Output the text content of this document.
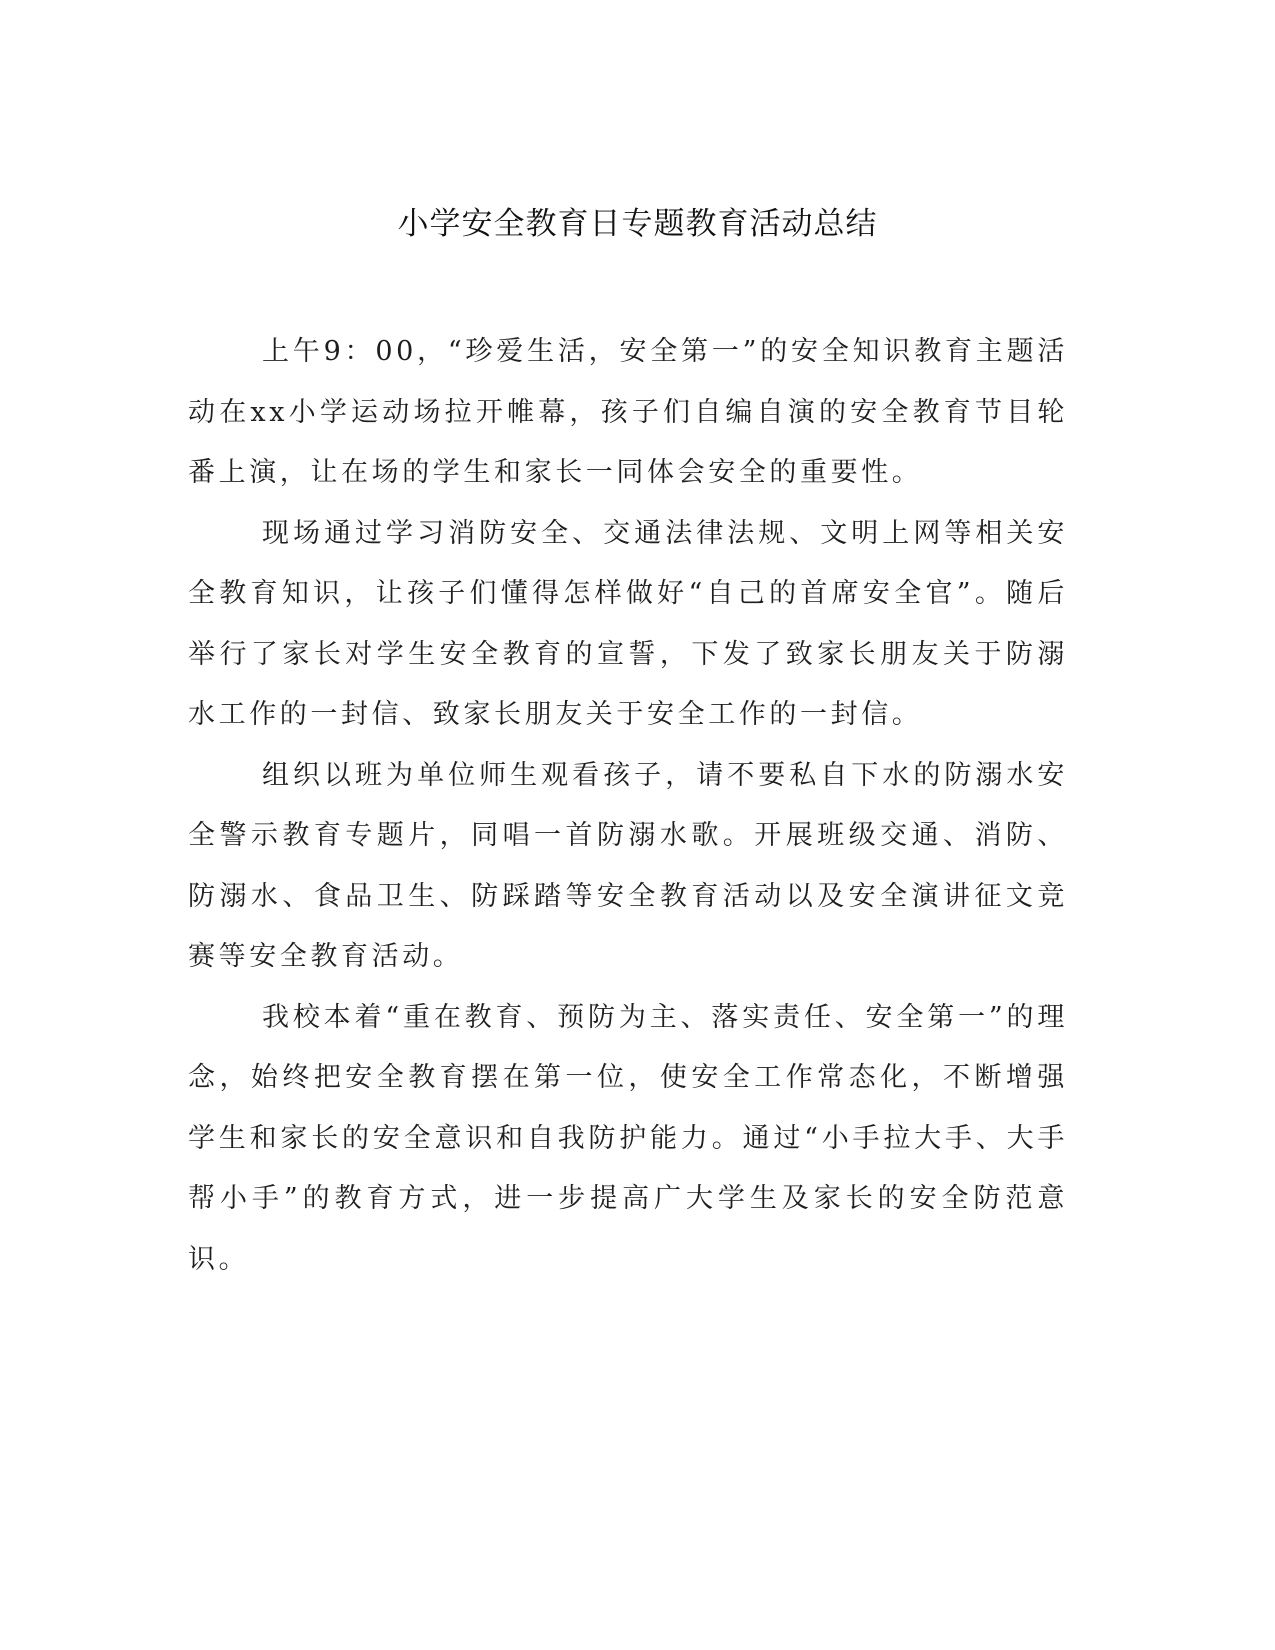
小学安全教育日专题教育活动总结

上午9：00，“珍爱生活，安全第一”的安全知识教育主题活动在xx小学运动场拉开帷幕，孩子们自编自演的安全教育节目轮番上演，让在场的学生和家长一同体会安全的重要性。

现场通过学习消防安全、交通法律法规、文明上网等相关安全教育知识，让孩子们懂得怎样做好“自己的首席安全官”。随后举行了家长对学生安全教育的宣誓，下发了致家长朋友关于防溺水工作的一封信、致家长朋友关于安全工作的一封信。

组织以班为单位师生观看孩子，请不要私自下水的防溺水安全警示教育专题片，同唱一首防溺水歌。开展班级交通、消防、防溺水、食品卫生、防踩踏等安全教育活动以及安全演讲征文竞赛等安全教育活动。

我校本着“重在教育、预防为主、落实责任、安全第一”的理念，始终把安全教育摆在第一位，使安全工作常态化，不断增强学生和家长的安全意识和自我防护能力。通过“小手拉大手、大手帮小手”的教育方式，进一步提高广大学生及家长的安全防范意识。
